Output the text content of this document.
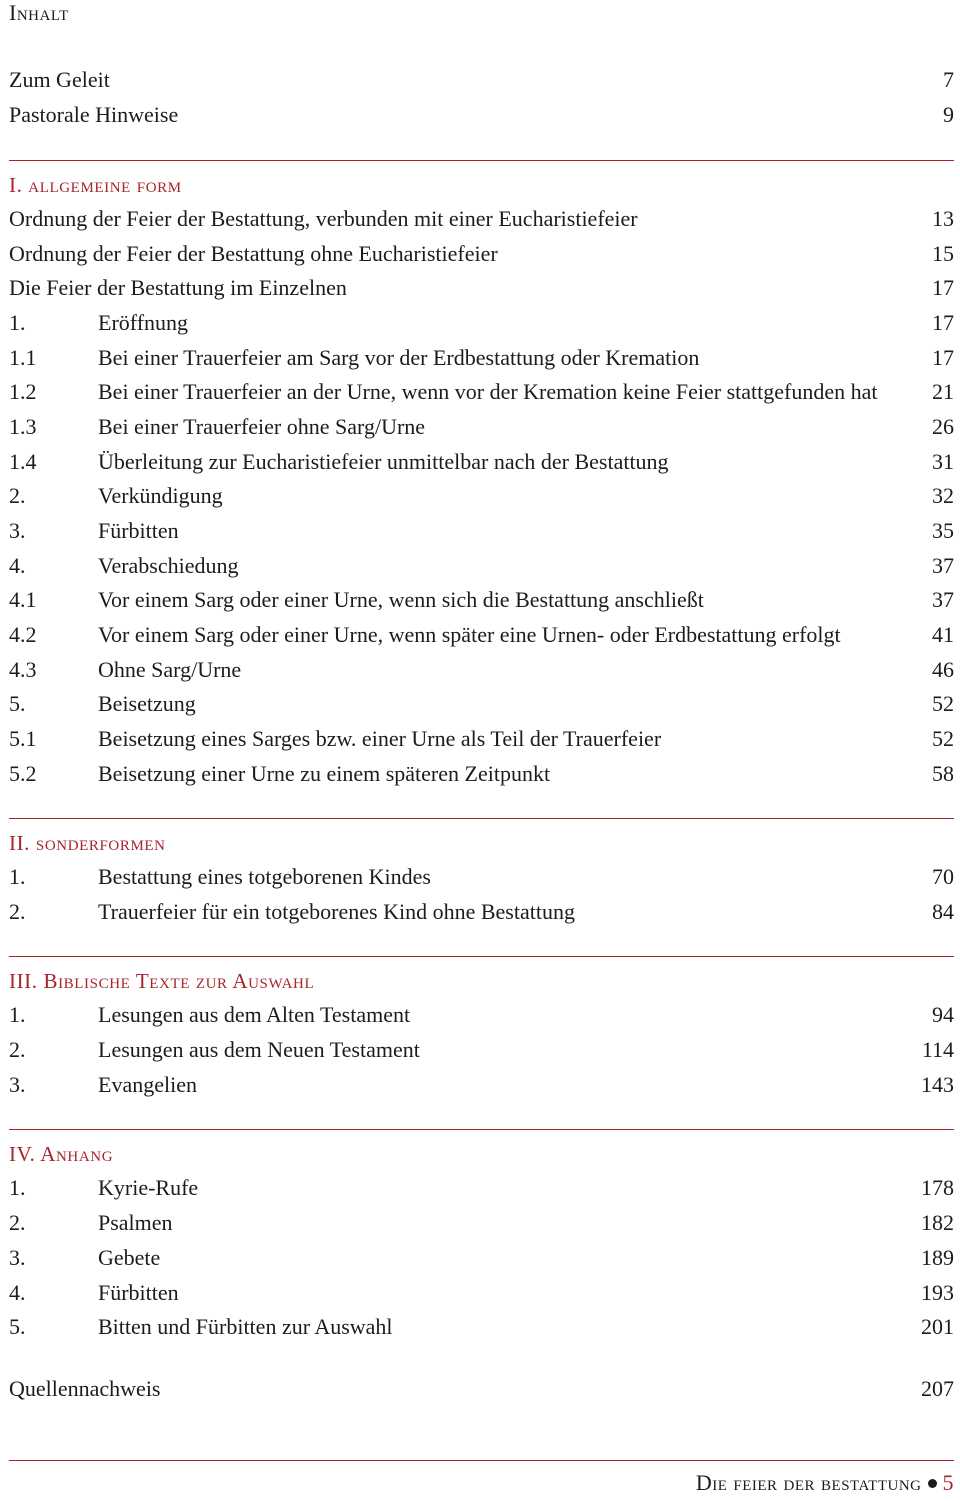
Inhalt
Zum Geleit	7
Pastorale Hinweise	9
I. allgemeine form
Ordnung der Feier der Bestattung, verbunden mit einer Eucharistiefeier	13
Ordnung der Feier der Bestattung ohne Eucharistiefeier	15
Die Feier der Bestattung im Einzelnen	17
1.	Eröffnung	17
1.1	Bei einer Trauerfeier am Sarg vor der Erdbestattung oder Kremation	17
1.2	Bei einer Trauerfeier an der Urne, wenn vor der Kremation keine Feier stattgefunden hat 21
1.3	Bei einer Trauerfeier ohne Sarg/Urne	26
1.4	Überleitung zur Eucharistiefeier unmittelbar nach der Bestattung	31
2.	Verkündigung	32
3.	Fürbitten	35
4.	Verabschiedung	37
4.1	Vor einem Sarg oder einer Urne, wenn sich die Bestattung anschließt	37
4.2	Vor einem Sarg oder einer Urne, wenn später eine Urnen- oder Erdbestattung erfolgt	41
4.3	Ohne Sarg/Urne	46
5.	Beisetzung	52
5.1	Beisetzung eines Sarges bzw. einer Urne als Teil der Trauerfeier	52
5.2	Beisetzung einer Urne zu einem späteren Zeitpunkt	58
II. sonderformen
1.	Bestattung eines totgeborenen Kindes	70
2.	Trauerfeier für ein totgeborenes Kind ohne Bestattung	84
III. Biblische Texte zur Auswahl
1.	Lesungen aus dem Alten Testament	94
2.	Lesungen aus dem Neuen Testament	114
3.	Evangelien	143
IV. Anhang
1.	Kyrie-Rufe	178
2.	Psalmen	182
3.	Gebete	189
4.	Fürbitten	193
5.	Bitten und Fürbitten zur Auswahl	201
Quellennachweis	207
Die feier der bestattung 5
